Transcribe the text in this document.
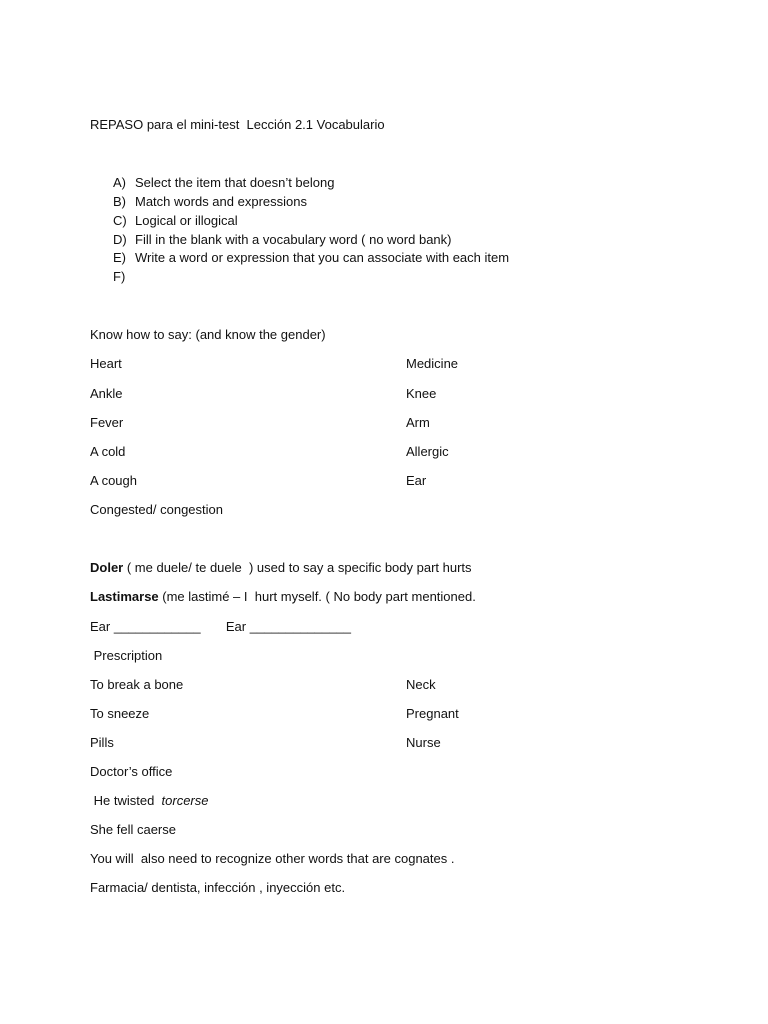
REPASO para el mini-test  Lección 2.1 Vocabulario
A) Select the item that doesn’t belong
B) Match words and expressions
C) Logical or illogical
D) Fill in the blank with a vocabulary word ( no word bank)
E) Write a word or expression that you can associate with each item
F)
Know how to say: (and know the gender)
Heart	Medicine
Ankle	Knee
Fever	Arm
A cold	Allergic
A cough	Ear
Congested/ congestion
Doler ( me duele/ te duele  ) used to say a specific body part hurts
Lastimarse (me lastimé – I  hurt myself. ( No body part mentioned.
Ear ____________       Ear ______________
Prescription
To break a bone	Neck
To sneeze	Pregnant
Pills	Nurse
Doctor’s office
He twisted  torcerse
She fell caerse
You will  also need to recognize other words that are cognates .
Farmacia/ dentista, infección , inyección etc.
